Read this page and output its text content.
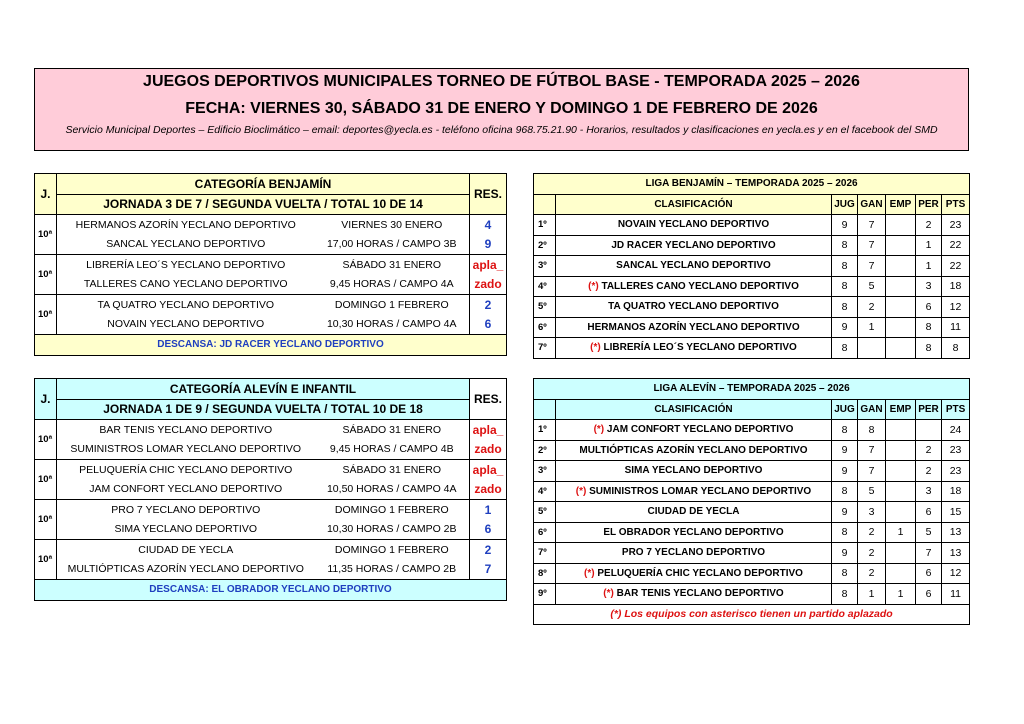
JUEGOS DEPORTIVOS MUNICIPALES TORNEO DE FÚTBOL BASE - TEMPORADA 2025 – 2026
FECHA: VIERNES 30, SÁBADO 31 DE ENERO Y DOMINGO 1 DE FEBRERO DE 2026
Servicio Municipal Deportes – Edificio Bioclimático – email: deportes@yecla.es - teléfono oficina 968.75.21.90 - Horarios, resultados y clasificaciones en yecla.es y en el facebook del SMD
J.	CATEGORÍA BENJAMÍN		RES.
	JORNADA 3 DE 7 / SEGUNDA VUELTA / TOTAL 10 DE 14		
10ª	HERMANOS AZORÍN YECLANO DEPORTIVO	VIERNES 30 ENERO	4
	SANCAL YECLANO DEPORTIVO	17,00 HORAS / CAMPO 3B	9
10ª	LIBRERÍA LEO´S YECLANO DEPORTIVO	SÁBADO 31 ENERO	apla_
	TALLERES CANO YECLANO DEPORTIVO	9,45 HORAS / CAMPO 4A	zado
10ª	TA QUATRO YECLANO DEPORTIVO	DOMINGO 1 FEBRERO	2
	NOVAIN YECLANO DEPORTIVO	10,30 HORAS / CAMPO 4A	6
DESCANSA: JD RACER YECLANO DEPORTIVO			
J.	CATEGORÍA ALEVÍN E INFANTIL		RES.
	JORNADA 1 DE 9 / SEGUNDA VUELTA / TOTAL 10 DE 18		
10ª	BAR TENIS YECLANO DEPORTIVO	SÁBADO 31 ENERO	apla_
	SUMINISTROS LOMAR YECLANO DEPORTIVO	9,45 HORAS / CAMPO 4B	zado
10ª	PELUQUERÍA CHIC YECLANO DEPORTIVO	SÁBADO 31 ENERO	apla_
	JAM CONFORT YECLANO DEPORTIVO	10,50 HORAS / CAMPO 4A	zado
10ª	PRO 7 YECLANO DEPORTIVO	DOMINGO 1 FEBRERO	1
	SIMA YECLANO DEPORTIVO	10,30 HORAS / CAMPO 2B	6
10ª	CIUDAD DE YECLA	DOMINGO 1 FEBRERO	2
	MULTIÓPTICAS AZORÍN YECLANO DEPORTIVO	11,35 HORAS / CAMPO 2B	7
DESCANSA: EL OBRADOR YECLANO DEPORTIVO			
LIGA BENJAMÍN – TEMPORADA 2025 – 2026						
	CLASIFICACIÓN	JUG	GAN	EMP	PER	PTS
1º	NOVAIN YECLANO DEPORTIVO	9	7		2	23
2º	JD RACER YECLANO DEPORTIVO	8	7		1	22
3º	SANCAL YECLANO DEPORTIVO	8	7		1	22
4º	(*) TALLERES CANO YECLANO DEPORTIVO	8	5		3	18
5º	TA QUATRO YECLANO DEPORTIVO	8	2		6	12
6º	HERMANOS AZORÍN YECLANO DEPORTIVO	9	1		8	11
7º	(*) LIBRERÍA LEO´S YECLANO DEPORTIVO	8			8	8
LIGA ALEVÍN – TEMPORADA 2025 – 2026						
	CLASIFICACIÓN	JUG	GAN	EMP	PER	PTS
1º	(*) JAM CONFORT YECLANO DEPORTIVO	8	8			24
2º	MULTIÓPTICAS AZORÍN YECLANO DEPORTIVO	9	7		2	23
3º	SIMA YECLANO DEPORTIVO	9	7		2	23
4º	(*) SUMINISTROS LOMAR YECLANO DEPORTIVO	8	5		3	18
5º	CIUDAD DE YECLA	9	3		6	15
6º	EL OBRADOR YECLANO DEPORTIVO	8	2	1	5	13
7º	PRO 7 YECLANO DEPORTIVO	9	2		7	13
8º	(*) PELUQUERÍA CHIC YECLANO DEPORTIVO	8	2		6	12
9º	(*) BAR TENIS YECLANO DEPORTIVO	8	1	1	6	11
(*) Los equipos con asterisco tienen un partido aplazado						
